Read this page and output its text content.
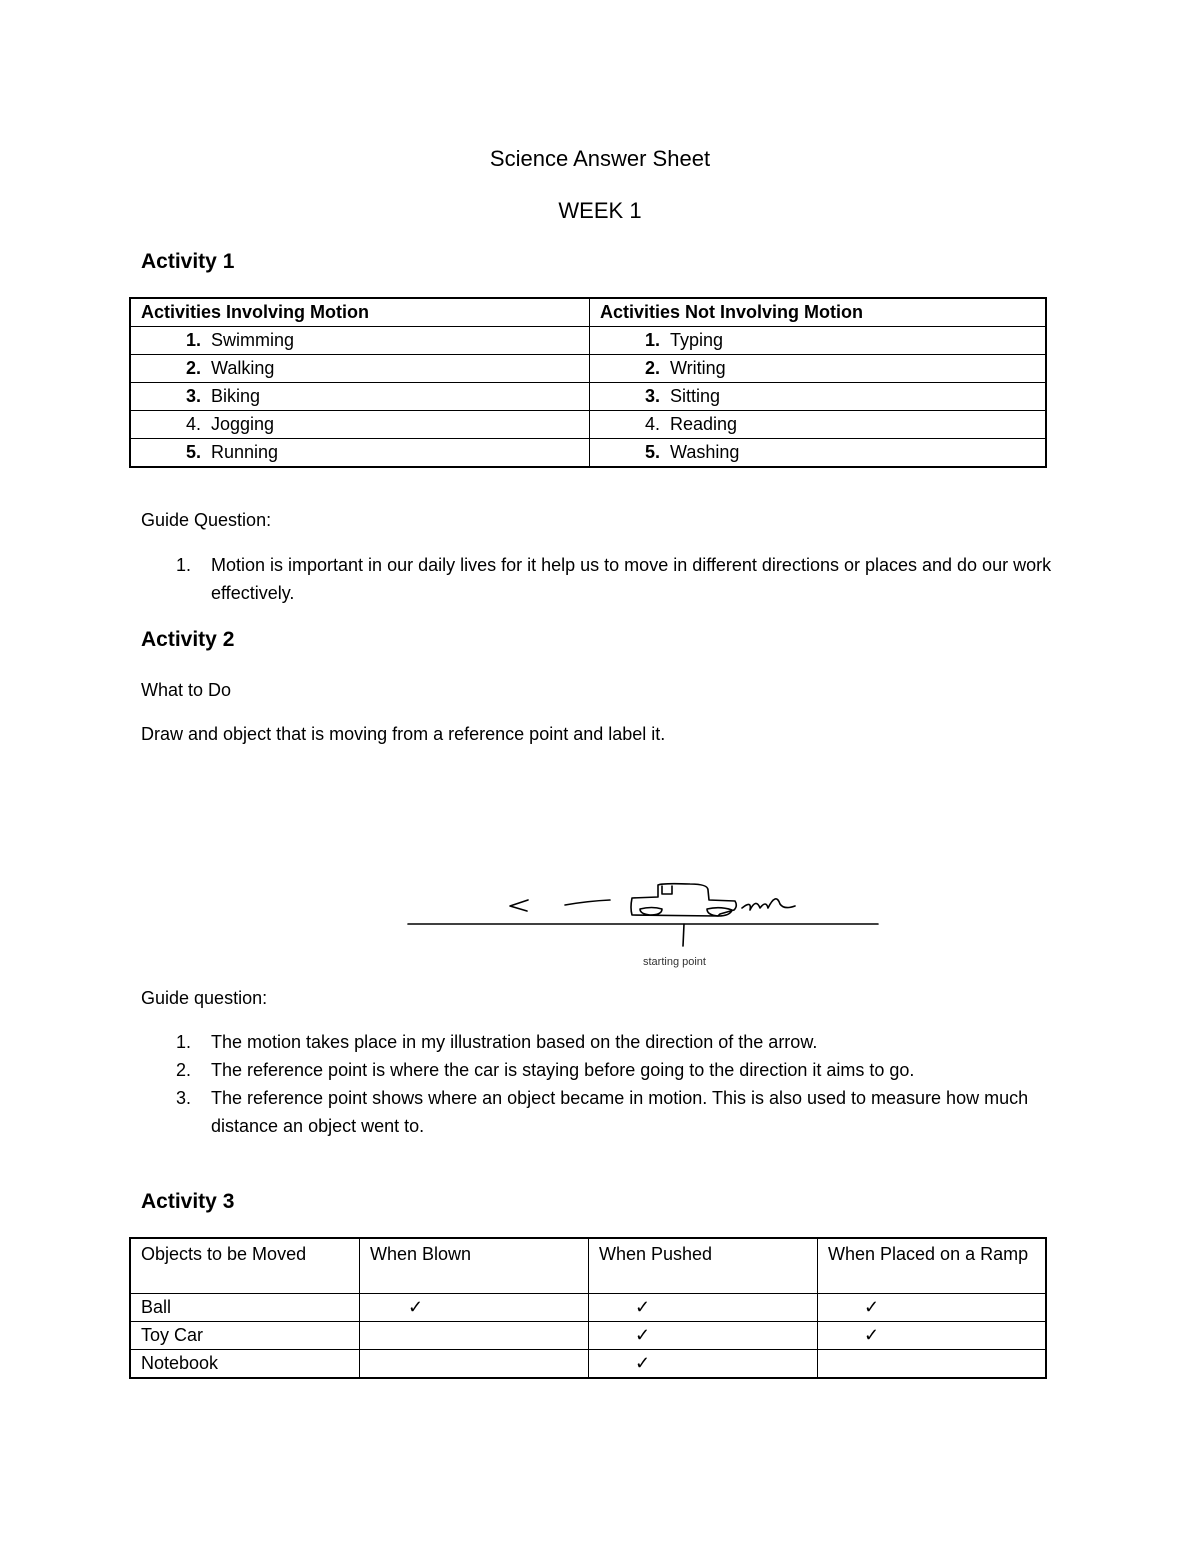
Science Answer Sheet
WEEK 1
Activity 1
Activities Involving Motion	Activities Not Involving Motion
1. Swimming	1. Typing
2. Walking	2. Writing
3. Biking	3. Sitting
4. Jogging	4. Reading
5. Running	5. Washing
Guide Question:
1. Motion is important in our daily lives for it help us to move in different directions or places and do our work effectively.
Activity 2
What to Do
Draw and object that is moving from a reference point and label it.
starting point
Guide question:
1. The motion takes place in my illustration based on the direction of the arrow.
2. The reference point is where the car is staying before going to the direction it aims to go.
3. The reference point shows where an object became in motion. This is also used to measure how much distance an object went to.
Activity 3
Objects to be Moved	When Blown	When Pushed	When Placed on a Ramp
Ball	✓	✓	✓
Toy Car		✓	✓
Notebook		✓	
